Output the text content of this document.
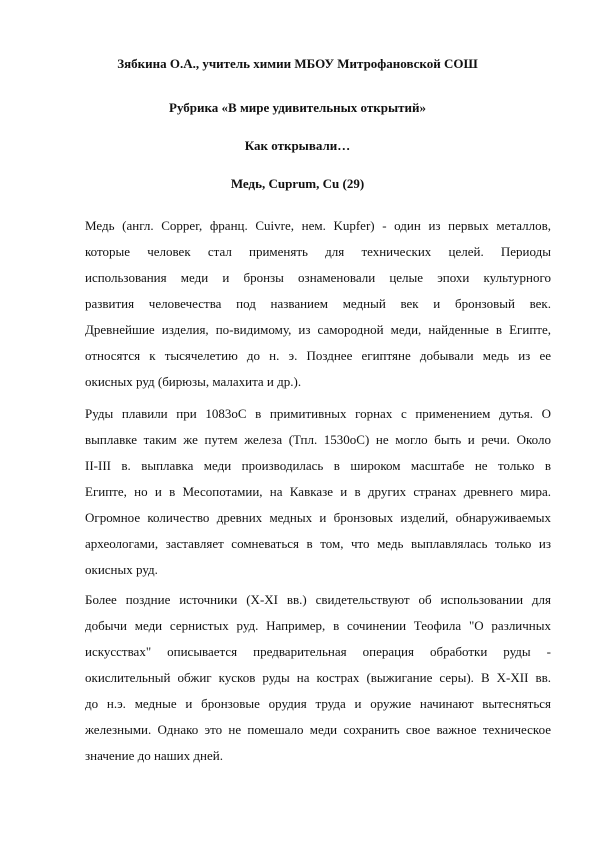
Зябкина О.А., учитель химии МБОУ Митрофановской СОШ

Рубрика «В мире удивительных открытий»

Как открывали…

Медь, Cuprum, Cu (29)

Медь (англ. Copper, франц. Cuivre, нем. Kupfer) - один из первых металлов,
которые человек стал применять для технических целей. Периоды
использования меди и бронзы ознаменовали целые эпохи культурного
развития человечества под названием медный век и бронзовый век.
Древнейшие изделия, по-видимому, из самородной меди, найденные в Египте,
относятся к тысячелетию до н. э. Позднее египтяне добывали медь из ее
окисных руд (бирюзы, малахита и др.).
Руды плавили при 1083оС в примитивных горнах с применением дутья. О
выплавке таким же путем железа (Тпл. 1530оС) не могло быть и речи. Около
II-III в. выплавка меди производилась в широком масштабе не только в
Египте, но и в Месопотамии, на Кавказе и в других странах древнего мира.
Огромное количество древних медных и бронзовых изделий, обнаруживаемых
археологами, заставляет сомневаться в том, что медь выплавлялась только из
окисных руд.
Более поздние источники (X-XI вв.) свидетельствуют об использовании для
добычи меди сернистых руд. Например, в сочинении Теофила "О различных
искусствах" описывается предварительная операция обработки руды -
окислительный обжиг кусков руды на кострах (выжигание серы). В X-XII вв.
до н.э. медные и бронзовые орудия труда и оружие начинают вытесняться
железными. Однако это не помешало меди сохранить свое важное техническое
значение до наших дней.
